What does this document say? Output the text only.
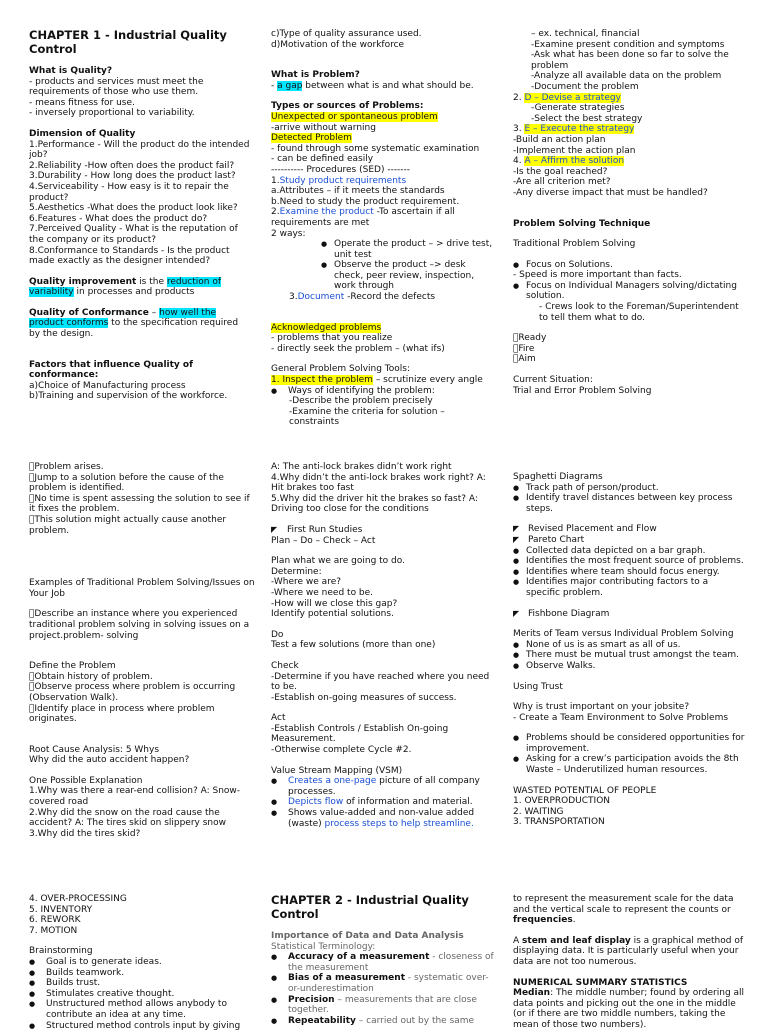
CHAPTER 1 - Industrial Quality Control

What is Quality?

- products and services must meet the requirements of those who use them.

- means fitness for use.

- inversely proportional to variability.

Dimension of Quality

1.Performance - Will the product do the intended job?

2.Reliability -How often does the product fail?

3.Durability - How long does the product last?

4.Serviceability - How easy is it to repair the product?

5.Aesthetics -What does the product look like?

6.Features - What does the product do?

7.Perceived Quality - What is the reputation of the company or its product?

8.Conformance to Standards - Is the product made exactly as the designer intended?

Quality improvement is the reduction of variability in processes and products

Quality of Conformance – how well the product conforms to the specification required by the design.

Factors that influence Quality of conformance:

a)Choice of Manufacturing process

b)Training and supervision of the workforce.

c)Type of quality assurance used.

d)Motivation of the workforce

What is Problem?

- a gap between what is and what should be.

Types or sources of Problems:

Unexpected or spontaneous problem

-arrive without warning

Detected Problem

- found through some systematic examination

- can be defined easily

---------- Procedures (SED) -------

1.Study product requirements

a.Attributes – if it meets the standards

b.Need to study the product requirement.

2.Examine the product -To ascertain if all requirements are met

2 ways:

● Operate the product – > drive test, unit test

● Observe the product –> desk check, peer review, inspection, work through

3.Document -Record the defects

Acknowledged problems

- problems that you realize

- directly seek the problem – (what ifs)

General Problem Solving Tools:

1. Inspect the problem – scrutinize every angle

● Ways of identifying the problem:

-Describe the problem precisely

-Examine the criteria for solution – constraints

– ex. technical, financial

-Examine present condition and symptoms

-Ask what has been done so far to solve the problem

-Analyze all available data on the problem

-Document the problem

2. D – Devise a strategy

-Generate strategies

-Select the best strategy

3. E – Execute the strategy

-Build an action plan

-Implement the action plan

4. A – Affirm the solution

-Is the goal reached?

-Are all criterion met?

-Any diverse impact that must be handled?

Problem Solving Technique

Traditional Problem Solving

● Focus on Solutions.

- Speed is more important than facts.

● Focus on Individual Managers solving/dictating solution.

- Crews look to the Foreman/Superintendent to tell them what to do.

Ready

Fire

Aim

Current Situation:

Trial and Error Problem Solving

Problem arises.

Jump to a solution before the cause of the problem is identified.

No time is spent assessing the solution to see if it fixes the problem.

This solution might actually cause another problem.

Examples of Traditional Problem Solving/Issues on Your Job

Describe an instance where you experienced traditional problem solving in solving issues on a project.problem- solving

Define the Problem

Obtain history of problem.

Observe process where problem is occurring (Observation Walk).

Identify place in process where problem originates.

Root Cause Analysis: 5 Whys

Why did the auto accident happen?

One Possible Explanation

1.Why was there a rear-end collision? A: Snow-covered road

2.Why did the snow on the road cause the accident? A: The tires skid on slippery snow

3.Why did the tires skid?

A: The anti-lock brakes didn’t work right

4.Why didn’t the anti-lock brakes work right? A: Hit brakes too fast

5.Why did the driver hit the brakes so fast? A: Driving too close for the conditions

◤ First Run Studies

Plan – Do – Check – Act

Plan what we are going to do.

Determine:

-Where we are?

-Where we need to be.

-How will we close this gap?

Identify potential solutions.

Do

Test a few solutions (more than one)

Check

-Determine if you have reached where you need to be.

-Establish on-going measures of success.

Act

-Establish Controls / Establish On-going Measurement.

-Otherwise complete Cycle #2.

Value Stream Mapping (VSM)

● Creates a one-page picture of all company processes.

● Depicts flow of information and material.

● Shows value-added and non-value added (waste) process steps to help streamline.

Spaghetti Diagrams

● Track path of person/product.

● Identify travel distances between key process steps.

◤ Revised Placement and Flow

◤ Pareto Chart

● Collected data depicted on a bar graph.

● Identifies the most frequent source of problems.

● Identifies where team should focus energy.

● Identifies major contributing factors to a specific problem.

◤ Fishbone Diagram

Merits of Team versus Individual Problem Solving

● None of us is as smart as all of us.

● There must be mutual trust amongst the team.

● Observe Walks.

Using Trust

Why is trust important on your jobsite?

- Create a Team Environment to Solve Problems

● Problems should be considered opportunities for improvement.

● Asking for a crew’s participation avoids the 8th Waste – Underutilized human resources.

WASTED POTENTIAL OF PEOPLE

1. OVERPRODUCTION

2. WAITING

3. TRANSPORTATION

4. OVER-PROCESSING

5. INVENTORY

6. REWORK

7. MOTION

Brainstorming

● Goal is to generate ideas.

● Builds teamwork.

● Builds trust.

● Stimulates creative thought.

● Unstructured method allows anybody to contribute an idea at any time.

● Structured method controls input by giving

CHAPTER 2 - Industrial Quality Control

Importance of Data and Data Analysis

Statistical Terminology:

● Accuracy of a measurement - closeness of the measurement

● Bias of a measurement - systematic over- or-underestimation

● Precision – measurements that are close together.

● Repeatability – carried out by the same

to represent the measurement scale for the data and the vertical scale to represent the counts or frequencies.

A stem and leaf display is a graphical method of displaying data. It is particularly useful when your data are not too numerous.

NUMERICAL SUMMARY STATISTICS

Median: The middle number; found by ordering all data points and picking out the one in the middle (or if there are two middle numbers, taking the mean of those two numbers).
